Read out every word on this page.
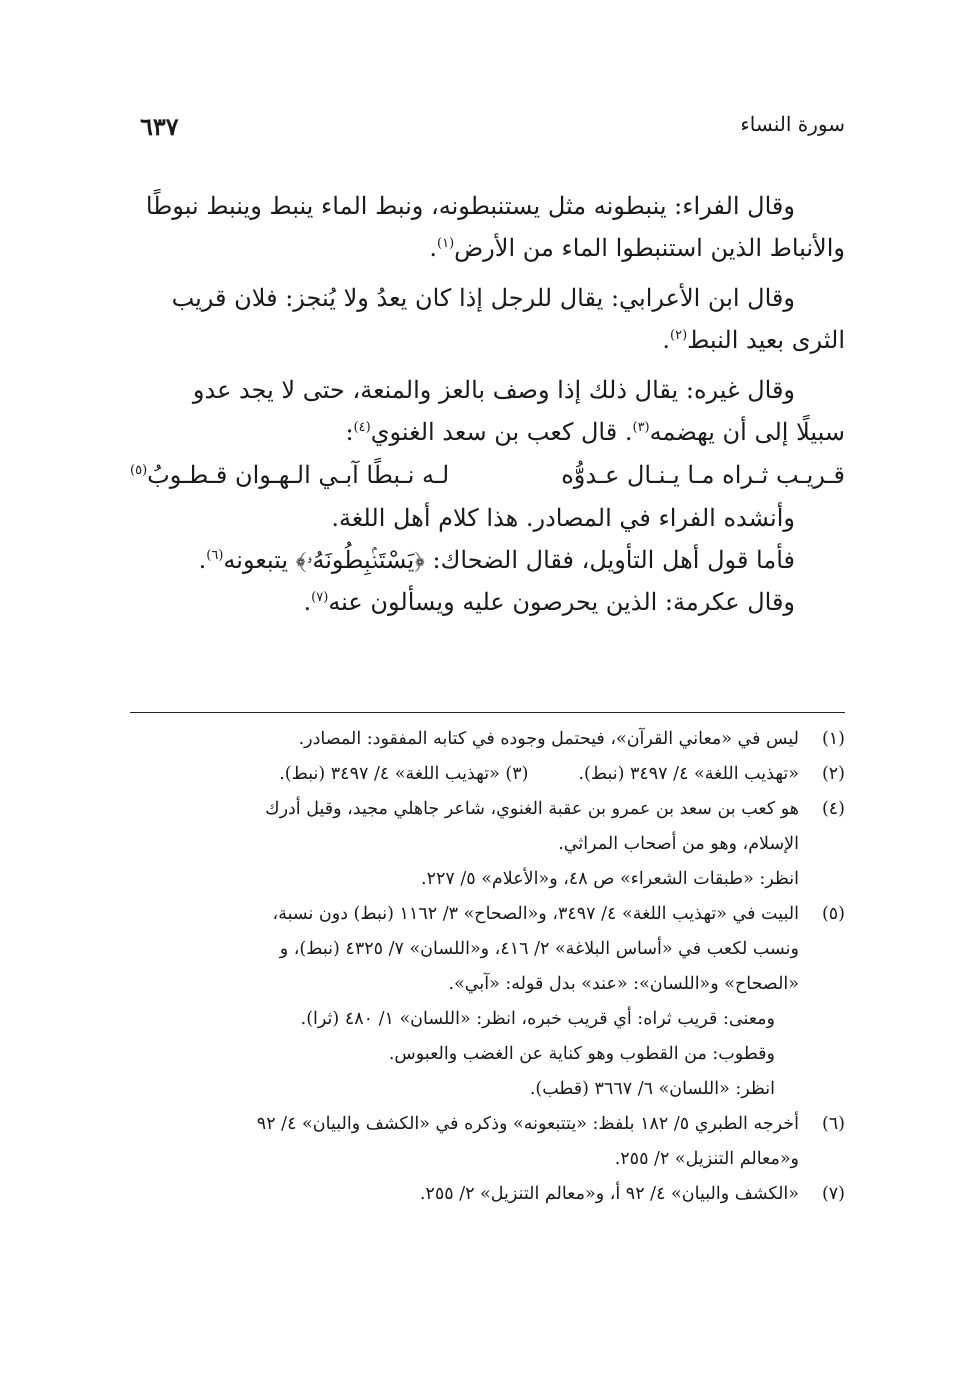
سورة النساء
٦٣٧

وقال الفراء: ينبطونه مثل يستنبطونه، ونبط الماء ينبط وينبط نبوطًا

والأنباط الذين استنبطوا الماء من الأرض$^{(١)}$.

وقال ابن الأعرابي: يقال للرجل إذا كان يعدُ ولا يُنجز: فلان قريب

الثرى بعيد النبط$^{(٢)}$.

وقال غيره: يقال ذلك إذا وصف بالعز والمنعة، حتى لا يجد عدو

سبيلًا إلى أن يهضمه$^{(٣)}$. قال كعب بن سعد الغنوي$^{(٤)}$:

قـريـب ثـراه مـا يـنـال عـدوُّه
لـه نـبطًا آبـي الـهـوان قـطـوبُ$^{(٥)}$

وأنشده الفراء في المصادر. هذا كلام أهل اللغة.

فأما قول أهل التأويل، فقال الضحاك: ﴿يَسْتَنۢبِطُونَهُۥ﴾ يتبعونه$^{(٦)}$.

وقال عكرمة: الذين يحرصون عليه ويسألون عنه$^{(٧)}$.

(١)
ليس في «معاني القرآن»، فيحتمل وجوده في كتابه المفقود: المصادر.
(٢)
«تهذيب اللغة» ٤/ ٣٤٩٧ (نبط).(٣) «تهذيب اللغة» ٤/ ٣٤٩٧ (نبط).
(٤)
هو كعب بن سعد بن عمرو بن عقبة الغنوي، شاعر جاهلي مجيد، وقيل أدرك
الإسلام، وهو من أصحاب المراثي.
انظر: «طبقات الشعراء» ص ٤٨، و«الأعلام» ٥/ ٢٢٧.
(٥)
البيت في «تهذيب اللغة» ٤/ ٣٤٩٧، و«الصحاح» ٣/ ١١٦٢ (نبط) دون نسبة،
ونسب لكعب في «أساس البلاغة» ٢/ ٤١٦، و«اللسان» ٧/ ٤٣٢٥ (نبط)، و
«الصحاح» و«اللسان»: «عند» بدل قوله: «آبي».
ومعنى: قريب ثراه: أي قريب خبره، انظر: «اللسان» ١/ ٤٨٠ (ثرا).
وقطوب: من القطوب وهو كناية عن الغضب والعبوس.
انظر: «اللسان» ٦/ ٣٦٦٧ (قطب).
(٦)
أخرجه الطبري ٥/ ١٨٢ بلفظ: «يتتبعونه» وذكره في «الكشف والبيان» ٤/ ٩٢
و«معالم التنزيل» ٢/ ٢٥٥.
(٧)
«الكشف والبيان» ٤/ ٩٢ أ، و«معالم التنزيل» ٢/ ٢٥٥.
